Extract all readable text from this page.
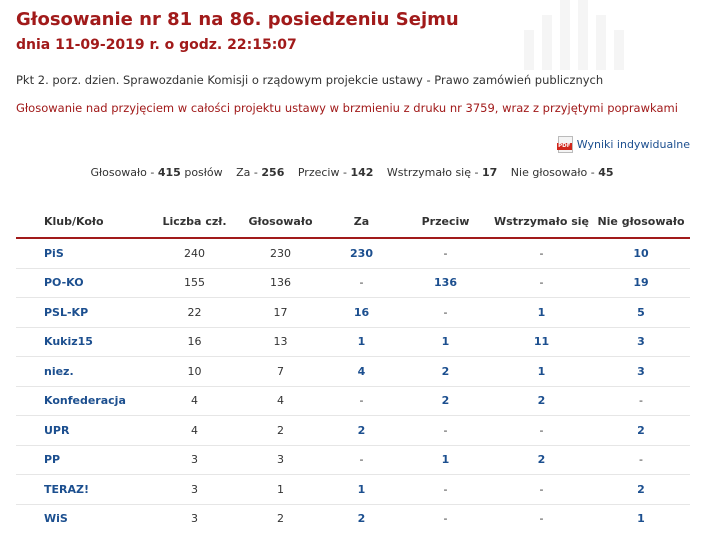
Głosowanie nr 81 na 86. posiedzeniu Sejmu
dnia 11-09-2019 r. o godz. 22:15:07
Pkt 2. porz. dzien. Sprawozdanie Komisji o rządowym projekcie ustawy - Prawo zamówień publicznych
Głosowanie nad przyjęciem w całości projektu ustawy w brzmieniu z druku nr 3759, wraz z przyjętymi poprawkami
PDF Wyniki indywidualne
Głosowało - 415 posłów Za - 256 Przeciw - 142 Wstrzymało się - 17 Nie głosowało - 45
Klub/Koło	Liczba czł.	Głosowało	Za	Przeciw	Wstrzymało się	Nie głosowało
PiS	240	230	230	-	-	10
PO-KO	155	136	-	136	-	19
PSL-KP	22	17	16	-	1	5
Kukiz15	16	13	1	1	11	3
niez.	10	7	4	2	1	3
Konfederacja	4	4	-	2	2	-
UPR	4	2	2	-	-	2
PP	3	3	-	1	2	-
TERAZ!	3	1	1	-	-	2
WiS	3	2	2	-	-	1
